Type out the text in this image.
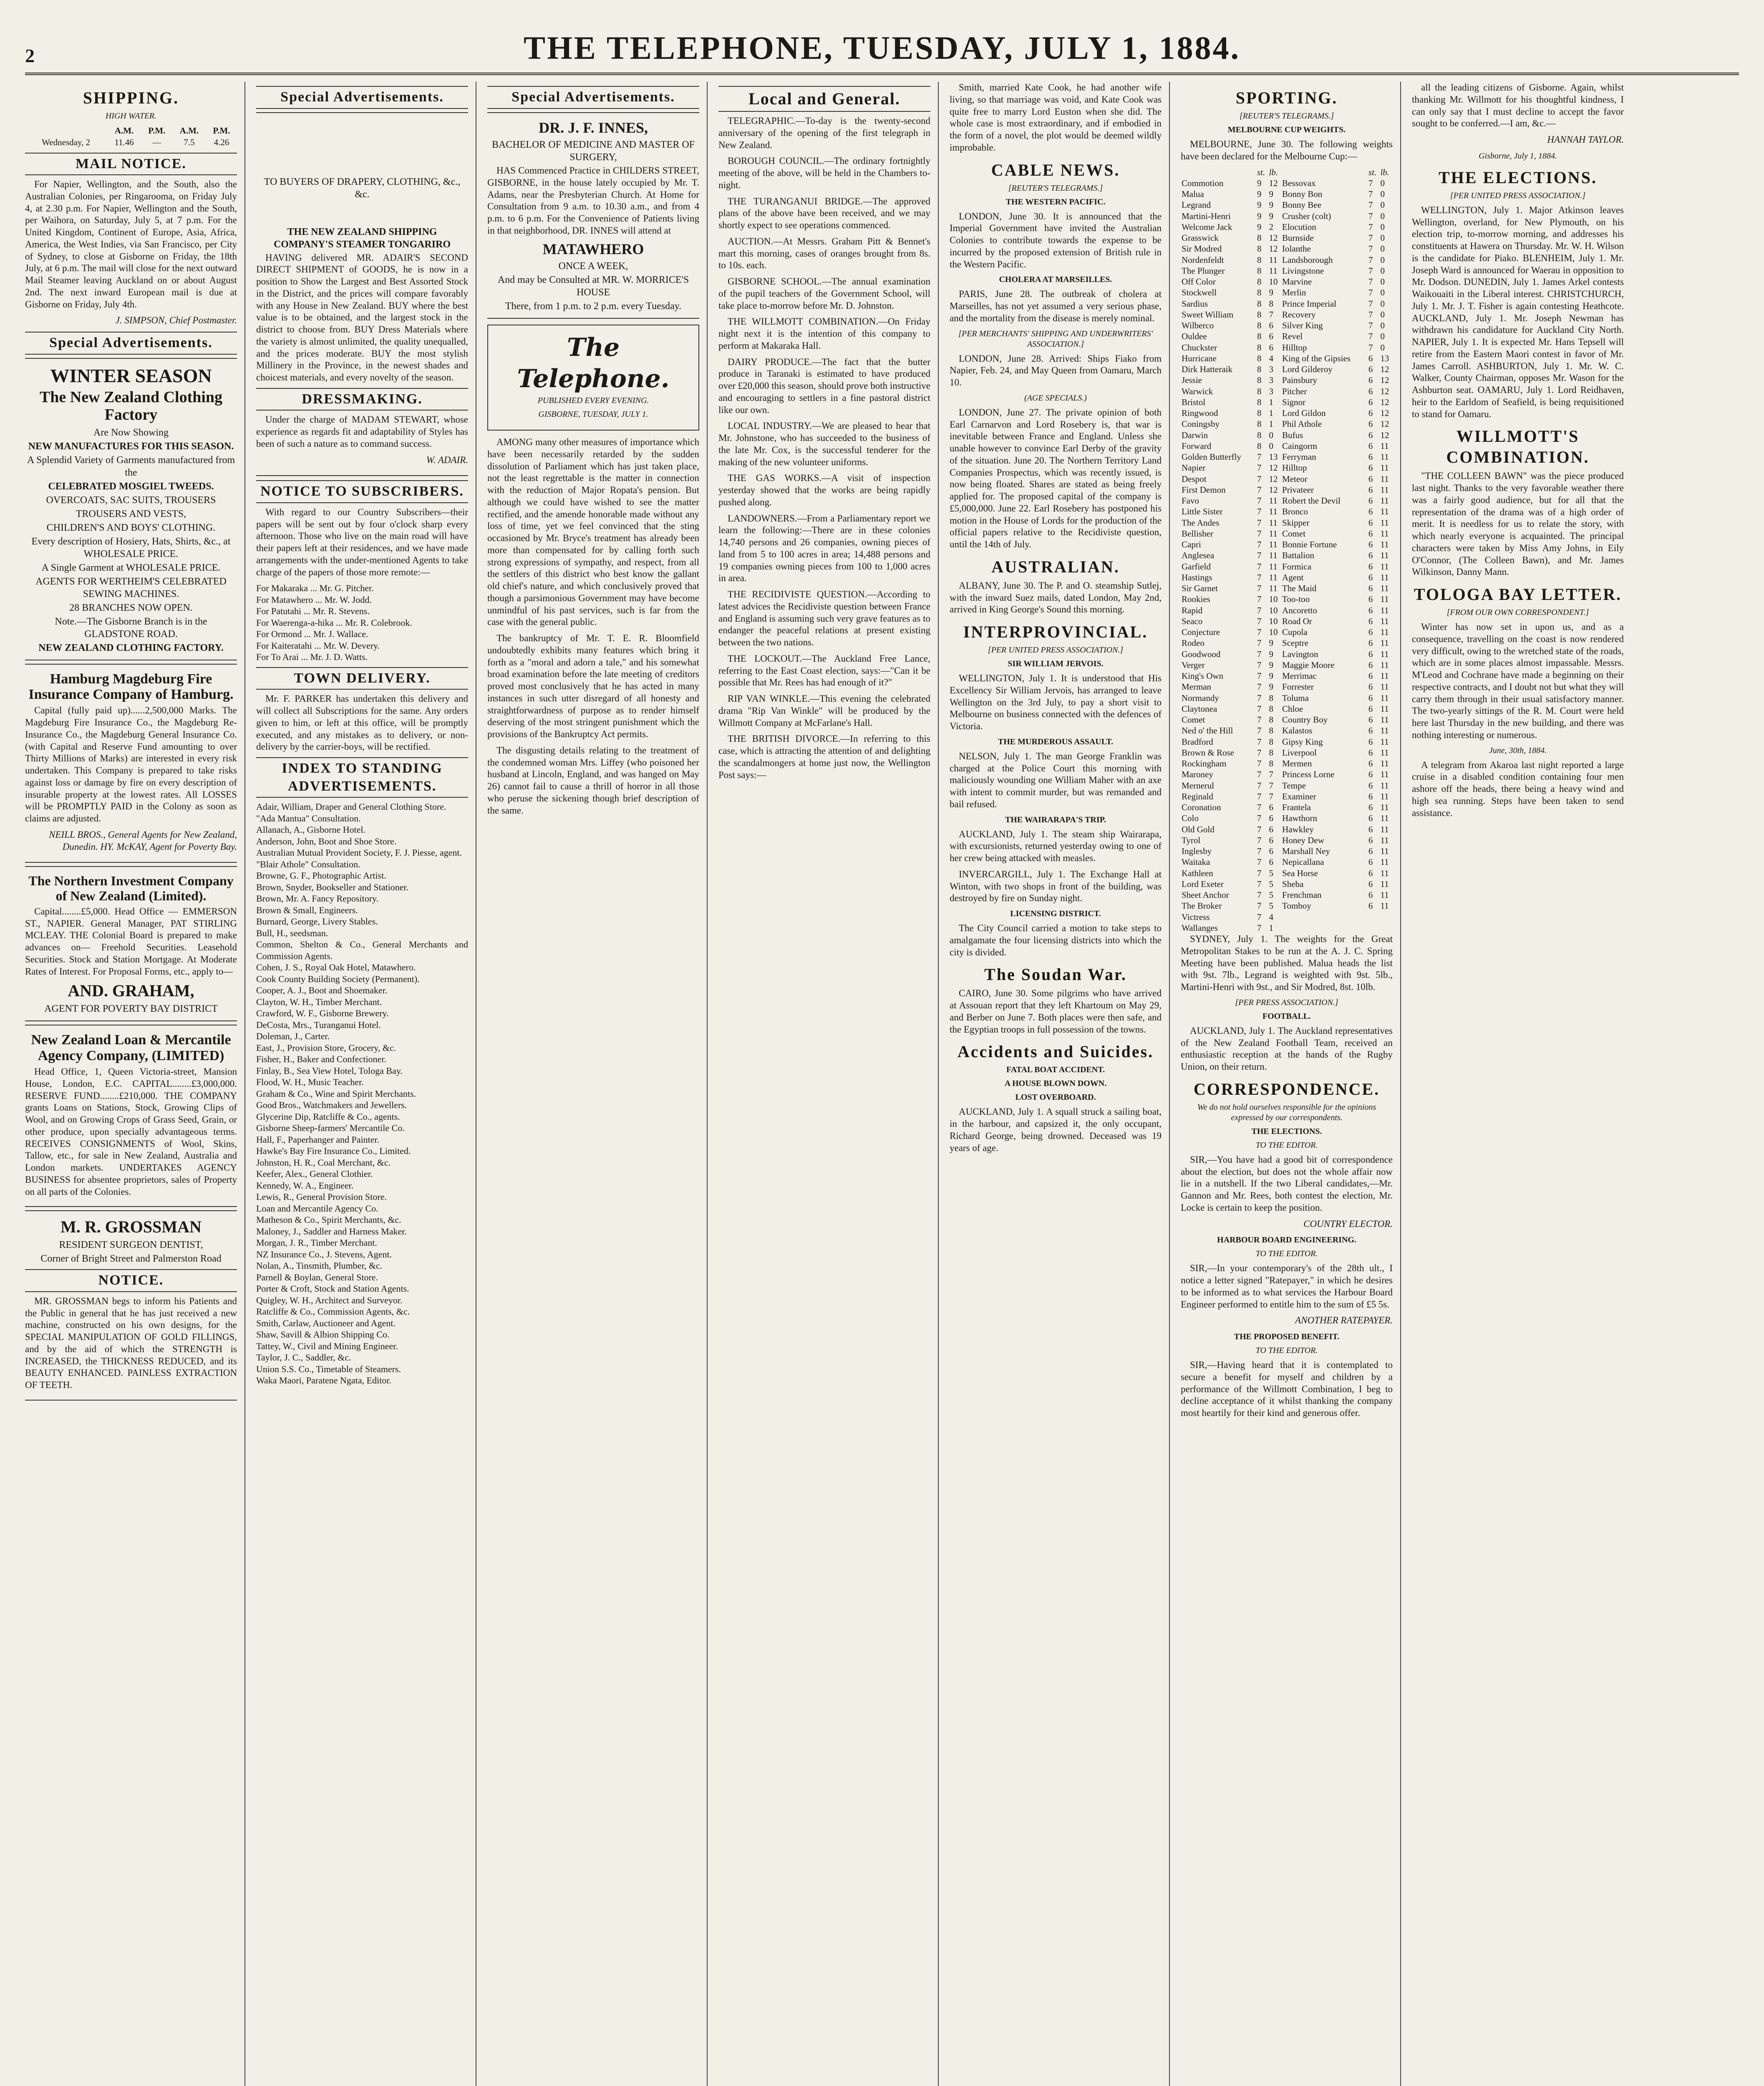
2	THE TELEPHONE, TUESDAY, JULY 1, 1884.
SHIPPING.
HIGH WATER.
	A.M.	P.M.	A.M.	P.M.
Wednesday, 2	11.46	—	7.5	4.26
MAIL NOTICE.

For Napier, Wellington, and the South, also the Australian Colonies, per Ringarooma, on Friday July 4, at 2.30 p.m. For Napier, Wellington and the South, per Waihora, on Saturday, July 5, at 7 p.m. For the United Kingdom, Continent of Europe, Asia, Africa, America, the West Indies, via San Francisco, per City of Sydney, to close at Gisborne on Friday, the 18th July, at 6 p.m. The mail will close for the next outward Mail Steamer leaving Auckland on or about August 2nd. The next inward European mail is due at Gisborne on Friday, July 4th.

J. SIMPSON, Chief Postmaster.
Special Advertisements.
WINTER SEASON
The New Zealand Clothing Factory
Are Now Showing
NEW MANUFACTURES FOR THIS SEASON.
A Splendid Variety of Garments manufactured from the
CELEBRATED MOSGIEL TWEEDS.
OVERCOATS, SAC SUITS, TROUSERS
TROUSERS AND VESTS,
CHILDREN'S AND BOYS' CLOTHING.
Every description of Hosiery, Hats, Shirts, &c., at WHOLESALE PRICE.
A Single Garment at WHOLESALE PRICE.
AGENTS FOR WERTHEIM'S CELEBRATED SEWING MACHINES.
28 BRANCHES NOW OPEN.
Note.—The Gisborne Branch is in the GLADSTONE ROAD.
NEW ZEALAND CLOTHING FACTORY.
Hamburg Magdeburg Fire Insurance Company of Hamburg.

Capital (fully paid up)......2,500,000 Marks. The Magdeburg Fire Insurance Co., the Magdeburg Re-Insurance Co., the Magdeburg General Insurance Co. (with Capital and Reserve Fund amounting to over Thirty Millions of Marks) are interested in every risk undertaken. This Company is prepared to take risks against loss or damage by fire on every description of insurable property at the lowest rates. All LOSSES will be PROMPTLY PAID in the Colony as soon as claims are adjusted.

NEILL BROS., General Agents for New Zealand, Dunedin. HY. McKAY, Agent for Poverty Bay.
The Northern Investment Company of New Zealand (Limited).

Capital........£5,000. Head Office — EMMERSON ST., NAPIER. General Manager, PAT STIRLING MCLEAY. THE Colonial Board is prepared to make advances on— Freehold Securities. Leasehold Securities. Stock and Station Mortgage. At Moderate Rates of Interest. For Proposal Forms, etc., apply to—

AND. GRAHAM,
AGENT FOR POVERTY BAY DISTRICT
New Zealand Loan & Mercantile Agency Company, (LIMITED)

Head Office, 1, Queen Victoria-street, Mansion House, London, E.C. CAPITAL........£3,000,000. RESERVE FUND........£210,000. THE COMPANY grants Loans on Stations, Stock, Growing Clips of Wool, and on Growing Crops of Grass Seed, Grain, or other produce, upon specially advantageous terms. RECEIVES CONSIGNMENTS of Wool, Skins, Tallow, etc., for sale in New Zealand, Australia and London markets. UNDERTAKES AGENCY BUSINESS for absentee proprietors, sales of Property on all parts of the Colonies.

M. R. GROSSMAN
RESIDENT SURGEON DENTIST,
Corner of Bright Street and Palmerston Road
NOTICE.

MR. GROSSMAN begs to inform his Patients and the Public in general that he has just received a new machine, constructed on his own designs, for the SPECIAL MANIPULATION OF GOLD FILLINGS, and by the aid of which the STRENGTH is INCREASED, the THICKNESS REDUCED, and its BEAUTY ENHANCED. PAINLESS EXTRACTION OF TEETH.

Special Advertisements.
TO BUYERS OF DRAPERY, CLOTHING, &c., &c.
THE NEW ZEALAND SHIPPING COMPANY'S STEAMER TONGARIRO

HAVING delivered MR. ADAIR'S SECOND DIRECT SHIPMENT of GOODS, he is now in a position to Show the Largest and Best Assorted Stock in the District, and the prices will compare favorably with any House in New Zealand. BUY where the best value is to be obtained, and the largest stock in the district to choose from. BUY Dress Materials where the variety is almost unlimited, the quality unequalled, and the prices moderate. BUY the most stylish Millinery in the Province, in the newest shades and choicest materials, and every novelty of the season.

DRESSMAKING.

Under the charge of MADAM STEWART, whose experience as regards fit and adaptability of Styles has been of such a nature as to command success.

W. ADAIR.
NOTICE TO SUBSCRIBERS.

With regard to our Country Subscribers—their papers will be sent out by four o'clock sharp every afternoon. Those who live on the main road will have their papers left at their residences, and we have made arrangements with the under-mentioned Agents to take charge of the papers of those more remote:—

For Makaraka ... Mr. G. Pitcher.
For Matawhero ... Mr. W. Jodd.
For Patutahi ... Mr. R. Stevens.
For Waerenga-a-hika ... Mr. R. Colebrook.
For Ormond ... Mr. J. Wallace.
For Kaiteratahi ... Mr. W. Devery.
For To Arai ... Mr. J. D. Watts.
TOWN DELIVERY.

Mr. F. PARKER has undertaken this delivery and will collect all Subscriptions for the same. Any orders given to him, or left at this office, will be promptly executed, and any mistakes as to delivery, or non-delivery by the carrier-boys, will be rectified.

INDEX TO STANDING ADVERTISEMENTS.
Adair, William, Draper and General Clothing Store.
"Ada Mantua" Consultation.
Allanach, A., Gisborne Hotel.
Anderson, John, Boot and Shoe Store.
Australian Mutual Provident Society, F. J. Piesse, agent.
"Blair Athole" Consultation.
Browne, G. F., Photographic Artist.
Brown, Snyder, Bookseller and Stationer.
Brown, Mr. A. Fancy Repository.
Brown & Small, Engineers.
Burnard, George, Livery Stables.
Bull, H., seedsman.
Common, Shelton & Co., General Merchants and Commission Agents.
Cohen, J. S., Royal Oak Hotel, Matawhero.
Cook County Building Society (Permanent).
Cooper, A. J., Boot and Shoemaker.
Clayton, W. H., Timber Merchant.
Crawford, W. F., Gisborne Brewery.
DeCosta, Mrs., Turanganui Hotel.
Doleman, J., Carter.
East, J., Provision Store, Grocery, &c.
Fisher, H., Baker and Confectioner.
Finlay, B., Sea View Hotel, Tologa Bay.
Flood, W. H., Music Teacher.
Graham & Co., Wine and Spirit Merchants.
Good Bros., Watchmakers and Jewellers.
Glycerine Dip, Ratcliffe & Co., agents.
Gisborne Sheep-farmers' Mercantile Co.
Hall, F., Paperhanger and Painter.
Hawke's Bay Fire Insurance Co., Limited.
Johnston, H. R., Coal Merchant, &c.
Keefer, Alex., General Clothier.
Kennedy, W. A., Engineer.
Lewis, R., General Provision Store.
Loan and Mercantile Agency Co.
Matheson & Co., Spirit Merchants, &c.
Maloney, J., Saddler and Harness Maker.
Morgan, J. R., Timber Merchant.
NZ Insurance Co., J. Stevens, Agent.
Nolan, A., Tinsmith, Plumber, &c.
Parnell & Boylan, General Store.
Porter & Croft, Stock and Station Agents.
Quigley, W. H., Architect and Surveyor.
Ratcliffe & Co., Commission Agents, &c.
Smith, Carlaw, Auctioneer and Agent.
Shaw, Savill & Albion Shipping Co.
Tattey, W., Civil and Mining Engineer.
Taylor, J. C., Saddler, &c.
Union S.S. Co., Timetable of Steamers.
Waka Maori, Paratene Ngata, Editor.
Special Advertisements.
DR. J. F. INNES,
BACHELOR OF MEDICINE AND MASTER OF SURGERY,

HAS Commenced Practice in CHILDERS STREET, GISBORNE, in the house lately occupied by Mr. T. Adams, near the Presbyterian Church. At Home for Consultation from 9 a.m. to 10.30 a.m., and from 4 p.m. to 6 p.m. For the Convenience of Patients living in that neighborhood, DR. INNES will attend at

MATAWHERO
ONCE A WEEK,
And may be Consulted at MR. W. MORRICE'S HOUSE
There, from 1 p.m. to 2 p.m. every Tuesday.
The Telephone.
PUBLISHED EVERY EVENING.
GISBORNE, TUESDAY, JULY 1.

AMONG many other measures of importance which have been necessarily retarded by the sudden dissolution of Parliament which has just taken place, not the least regrettable is the matter in connection with the reduction of Major Ropata's pension. But although we could have wished to see the matter rectified, and the amende honorable made without any loss of time, yet we feel convinced that the sting occasioned by Mr. Bryce's treatment has already been more than compensated for by calling forth such strong expressions of sympathy, and respect, from all the settlers of this district who best know the gallant old chief's nature, and which conclusively proved that though a parsimonious Government may have become unmindful of his past services, such is far from the case with the general public.

The bankruptcy of Mr. T. E. R. Bloomfield undoubtedly exhibits many features which bring it forth as a "moral and adorn a tale," and his somewhat broad examination before the late meeting of creditors proved most conclusively that he has acted in many instances in such utter disregard of all honesty and straightforwardness of purpose as to render himself deserving of the most stringent punishment which the provisions of the Bankruptcy Act permits.

The disgusting details relating to the treatment of the condemned woman Mrs. Liffey (who poisoned her husband at Lincoln, England, and was hanged on May 26) cannot fail to cause a thrill of horror in all those who peruse the sickening though brief description of the same.

Local and General.

TELEGRAPHIC.—To-day is the twenty-second anniversary of the opening of the first telegraph in New Zealand.

BOROUGH COUNCIL.—The ordinary fortnightly meeting of the above, will be held in the Chambers to-night.

THE TURANGANUI BRIDGE.—The approved plans of the above have been received, and we may shortly expect to see operations commenced.

AUCTION.—At Messrs. Graham Pitt & Bennet's mart this morning, cases of oranges brought from 8s. to 10s. each.

GISBORNE SCHOOL.—The annual examination of the pupil teachers of the Government School, will take place to-morrow before Mr. D. Johnston.

THE WILLMOTT COMBINATION.—On Friday night next it is the intention of this company to perform at Makaraka Hall.

DAIRY PRODUCE.—The fact that the butter produce in Taranaki is estimated to have produced over £20,000 this season, should prove both instructive and encouraging to settlers in a fine pastoral district like our own.

LOCAL INDUSTRY.—We are pleased to hear that Mr. Johnstone, who has succeeded to the business of the late Mr. Cox, is the successful tenderer for the making of the new volunteer uniforms.

THE GAS WORKS.—A visit of inspection yesterday showed that the works are being rapidly pushed along.

LANDOWNERS.—From a Parliamentary report we learn the following:—There are in these colonies 14,740 persons and 26 companies, owning pieces of land from 5 to 100 acres in area; 14,488 persons and 19 companies owning pieces from 100 to 1,000 acres in area.

THE RECIDIVISTE QUESTION.—According to latest advices the Recidiviste question between France and England is assuming such very grave features as to endanger the peaceful relations at present existing between the two nations.

THE LOCKOUT.—The Auckland Free Lance, referring to the East Coast election, says:—"Can it be possible that Mr. Rees has had enough of it?"

RIP VAN WINKLE.—This evening the celebrated drama "Rip Van Winkle" will be produced by the Willmott Company at McFarlane's Hall.

THE BRITISH DIVORCE.—In referring to this case, which is attracting the attention of and delighting the scandalmongers at home just now, the Wellington Post says:—

Smith, married Kate Cook, he had another wife living, so that marriage was void, and Kate Cook was quite free to marry Lord Euston when she did. The whole case is most extraordinary, and if embodied in the form of a novel, the plot would be deemed wildly improbable.

CABLE NEWS.
[REUTER'S TELEGRAMS.]
THE WESTERN PACIFIC.

LONDON, June 30. It is announced that the Imperial Government have invited the Australian Colonies to contribute towards the expense to be incurred by the proposed extension of British rule in the Western Pacific.

CHOLERA AT MARSEILLES.

PARIS, June 28. The outbreak of cholera at Marseilles, has not yet assumed a very serious phase, and the mortality from the disease is merely nominal.

[PER MERCHANTS' SHIPPING AND UNDERWRITERS' ASSOCIATION.]

LONDON, June 28. Arrived: Ships Fiako from Napier, Feb. 24, and May Queen from Oamaru, March 10.

(AGE SPECIALS.)

LONDON, June 27. The private opinion of both Earl Carnarvon and Lord Rosebery is, that war is inevitable between France and England. Unless she unable however to convince Earl Derby of the gravity of the situation. June 20. The Northern Territory Land Companies Prospectus, which was recently issued, is now being floated. Shares are stated as being freely applied for. The proposed capital of the company is £5,000,000. June 22. Earl Rosebery has postponed his motion in the House of Lords for the production of the official papers relative to the Recidiviste question, until the 14th of July.

AUSTRALIAN.

ALBANY, June 30. The P. and O. steamship Sutlej, with the inward Suez mails, dated London, May 2nd, arrived in King George's Sound this morning.

INTERPROVINCIAL.
[PER UNITED PRESS ASSOCIATION.]
SIR WILLIAM JERVOIS.

WELLINGTON, July 1. It is understood that His Excellency Sir William Jervois, has arranged to leave Wellington on the 3rd July, to pay a short visit to Melbourne on business connected with the defences of Victoria.

THE MURDEROUS ASSAULT.

NELSON, July 1. The man George Franklin was charged at the Police Court this morning with maliciously wounding one William Maher with an axe with intent to commit murder, but was remanded and bail refused.

THE WAIRARAPA'S TRIP.

AUCKLAND, July 1. The steam ship Wairarapa, with excursionists, returned yesterday owing to one of her crew being attacked with measles.

INVERCARGILL, July 1. The Exchange Hall at Winton, with two shops in front of the building, was destroyed by fire on Sunday night.

LICENSING DISTRICT.

The City Council carried a motion to take steps to amalgamate the four licensing districts into which the city is divided.

The Soudan War.

CAIRO, June 30. Some pilgrims who have arrived at Assouan report that they left Khartoum on May 29, and Berber on June 7. Both places were then safe, and the Egyptian troops in full possession of the towns.

Accidents and Suicides.
FATAL BOAT ACCIDENT.
A HOUSE BLOWN DOWN.
LOST OVERBOARD.

AUCKLAND, July 1. A squall struck a sailing boat, in the harbour, and capsized it, the only occupant, Richard George, being drowned. Deceased was 19 years of age.

SPORTING.
[REUTER'S TELEGRAMS.]
MELBOURNE CUP WEIGHTS.

MELBOURNE, June 30. The following weights have been declared for the Melbourne Cup:—

	st.	lb.		st.	lb.
Commotion	9	12	Bessovax	7	0
Malua	9	9	Bonny Bon	7	0
Legrand	9	9	Bonny Bee	7	0
Martini-Henri	9	9	Crusher (colt)	7	0
Welcome Jack	9	2	Elocution	7	0
Grasswick	8	12	Burnside	7	0
Sir Modred	8	12	Iolanthe	7	0
Nordenfeldt	8	11	Landsborough	7	0
The Plunger	8	11	Livingstone	7	0
Off Color	8	10	Marvine	7	0
Stockwell	8	9	Merlin	7	0
Sardius	8	8	Prince Imperial	7	0
Sweet William	8	7	Recovery	7	0
Wilberco	8	6	Silver King	7	0
Ouldee	8	6	Revel	7	0
Chuckster	8	6	Hilltop	7	0
Hurricane	8	4	King of the Gipsies	6	13
Dirk Hatteraik	8	3	Lord Gilderoy	6	12
Jessie	8	3	Painsbury	6	12
Warwick	8	3	Pitcher	6	12
Bristol	8	1	Signor	6	12
Ringwood	8	1	Lord Gildon	6	12
Coningsby	8	1	Phil Athole	6	12
Darwin	8	0	Bufus	6	12
Forward	8	0	Caingorm	6	11
Golden Butterfly	7	13	Ferryman	6	11
Napier	7	12	Hilltop	6	11
Despot	7	12	Meteor	6	11
First Demon	7	12	Privateer	6	11
Favo	7	11	Robert the Devil	6	11
Little Sister	7	11	Bronco	6	11
The Andes	7	11	Skipper	6	11
Bellisher	7	11	Comet	6	11
Capri	7	11	Bonnie Fortune	6	11
Anglesea	7	11	Battalion	6	11
Garfield	7	11	Formica	6	11
Hastings	7	11	Agent	6	11
Sir Garnet	7	11	The Maid	6	11
Rookies	7	10	Too-too	6	11
Rapid	7	10	Ancoretto	6	11
Seaco	7	10	Road Or	6	11
Conjecture	7	10	Cupola	6	11
Rodeo	7	9	Sceptre	6	11
Goodwood	7	9	Lavington	6	11
Verger	7	9	Maggie Moore	6	11
King's Own	7	9	Merrimac	6	11
Merman	7	9	Forrester	6	11
Normandy	7	8	Toluma	6	11
Claytonea	7	8	Chloe	6	11
Comet	7	8	Country Boy	6	11
Ned o' the Hill	7	8	Kalastos	6	11
Bradford	7	8	Gipsy King	6	11
Brown & Rose	7	8	Liverpool	6	11
Rockingham	7	8	Mermen	6	11
Maroney	7	7	Princess Lorne	6	11
Mernerul	7	7	Tempe	6	11
Reginald	7	7	Examiner	6	11
Coronation	7	6	Frantela	6	11
Colo	7	6	Hawthorn	6	11
Old Gold	7	6	Hawkley	6	11
Tyrol	7	6	Honey Dew	6	11
Inglesby	7	6	Marshall Ney	6	11
Waitaka	7	6	Nepicallana	6	11
Kathleen	7	5	Sea Horse	6	11
Lord Exeter	7	5	Sheba	6	11
Sheet Anchor	7	5	Frenchman	6	11
The Broker	7	5	Tomboy	6	11
Victress	7	4			
Wallanges	7	1			

SYDNEY, July 1. The weights for the Great Metropolitan Stakes to be run at the A. J. C. Spring Meeting have been published. Malua heads the list with 9st. 7lb., Legrand is weighted with 9st. 5lb., Martini-Henri with 9st., and Sir Modred, 8st. 10lb.

[PER PRESS ASSOCIATION.]
FOOTBALL.

AUCKLAND, July 1. The Auckland representatives of the New Zealand Football Team, received an enthusiastic reception at the hands of the Rugby Union, on their return.

CORRESPONDENCE.
We do not hold ourselves responsible for the opinions expressed by our correspondents.
THE ELECTIONS.
TO THE EDITOR.

SIR,—You have had a good bit of correspondence about the election, but does not the whole affair now lie in a nutshell. If the two Liberal candidates,—Mr. Gannon and Mr. Rees, both contest the election, Mr. Locke is certain to keep the position.

COUNTRY ELECTOR.
HARBOUR BOARD ENGINEERING.
TO THE EDITOR.

SIR,—In your contemporary's of the 28th ult., I notice a letter signed "Ratepayer," in which he desires to be informed as to what services the Harbour Board Engineer performed to entitle him to the sum of £5 5s.

ANOTHER RATEPAYER.
THE PROPOSED BENEFIT.
TO THE EDITOR.

SIR,—Having heard that it is contemplated to secure a benefit for myself and children by a performance of the Willmott Combination, I beg to decline acceptance of it whilst thanking the company most heartily for their kind and generous offer.

all the leading citizens of Gisborne. Again, whilst thanking Mr. Willmott for his thoughtful kindness, I can only say that I must decline to accept the favor sought to be conferred.—I am, &c.—

HANNAH TAYLOR.
Gisborne, July 1, 1884.
THE ELECTIONS.
[PER UNITED PRESS ASSOCIATION.]

WELLINGTON, July 1. Major Atkinson leaves Wellington, overland, for New Plymouth, on his election trip, to-morrow morning, and addresses his constituents at Hawera on Thursday. Mr. W. H. Wilson is the candidate for Piako. BLENHEIM, July 1. Mr. Joseph Ward is announced for Waerau in opposition to Mr. Dodson. DUNEDIN, July 1. James Arkel contests Waikouaiti in the Liberal interest. CHRISTCHURCH, July 1. Mr. J. T. Fisher is again contesting Heathcote. AUCKLAND, July 1. Mr. Joseph Newman has withdrawn his candidature for Auckland City North. NAPIER, July 1. It is expected Mr. Hans Tepsell will retire from the Eastern Maori contest in favor of Mr. James Carroll. ASHBURTON, July 1. Mr. W. C. Walker, County Chairman, opposes Mr. Wason for the Ashburton seat. OAMARU, July 1. Lord Reidhaven, heir to the Earldom of Seafield, is being requisitioned to stand for Oamaru.

WILLMOTT'S COMBINATION.

"THE COLLEEN BAWN" was the piece produced last night. Thanks to the very favorable weather there was a fairly good audience, but for all that the representation of the drama was of a high order of merit. It is needless for us to relate the story, with which nearly everyone is acquainted. The principal characters were taken by Miss Amy Johns, in Eily O'Connor, (The Colleen Bawn), and Mr. James Wilkinson, Danny Mann.

TOLOGA BAY LETTER.
[FROM OUR OWN CORRESPONDENT.]

Winter has now set in upon us, and as a consequence, travelling on the coast is now rendered very difficult, owing to the wretched state of the roads, which are in some places almost impassable. Messrs. M'Leod and Cochrane have made a beginning on their respective contracts, and I doubt not but what they will carry them through in their usual satisfactory manner. The two-yearly sittings of the R. M. Court were held here last Thursday in the new building, and there was nothing interesting or numerous.

June, 30th, 1884.

A telegram from Akaroa last night reported a large cruise in a disabled condition containing four men ashore off the heads, there being a heavy wind and high sea running. Steps have been taken to send assistance.
